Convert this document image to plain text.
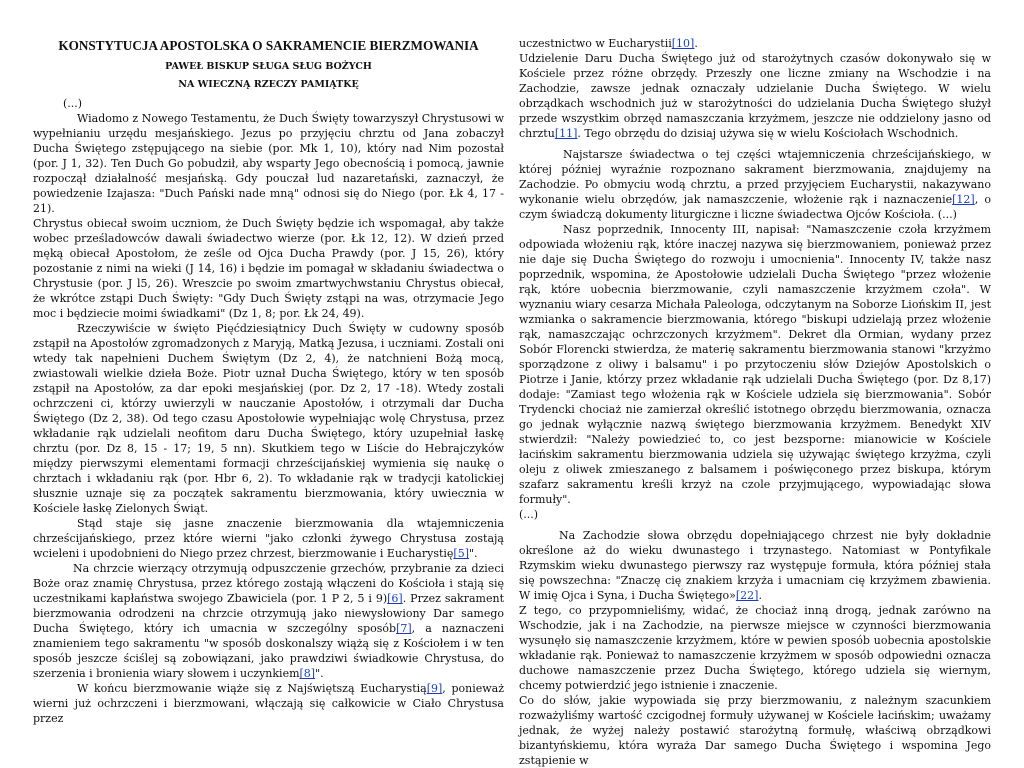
KONSTYTUCJA APOSTOLSKA O SAKRAMENCIE BIERZMOWANIA
PAWEŁ BISKUP SŁUGA SŁUG BOŻYCH
NA WIECZNĄ RZECZY PAMIĄTKĘ

(...)

Wiadomo z Nowego Testamentu, że Duch Święty towarzyszył Chrystusowi w wypełnianiu urzędu mesjańskiego. Jezus po przyjęciu chrztu od Jana zobaczył Ducha Świętego zstępującego na siebie (por. Mk 1, 10), który nad Nim pozostał (por. J 1, 32). Ten Duch Go pobudził, aby wsparty Jego obecnością i pomocą, jawnie rozpoczął działalność mesjańską. Gdy pouczał lud nazaretański, zaznaczył, że powiedzenie Izajasza: "Duch Pański nade mną" odnosi się do Niego (por. Łk 4, 17 - 21).

Chrystus obiecał swoim uczniom, że Duch Święty będzie ich wspomagał, aby także wobec prześladowców dawali świadectwo wierze (por. Łk 12, 12). W dzień przed męką obiecał Apostołom, że ześle od Ojca Ducha Prawdy (por. J 15, 26), który pozostanie z nimi na wieki (J 14, 16) i będzie im pomagał w składaniu świadectwa o Chrystusie (por. J l5, 26). Wreszcie po swoim zmartwychwstaniu Chrystus obiecał, że wkrótce zstąpi Duch Święty: "Gdy Duch Święty zstąpi na was, otrzymacie Jego moc i będziecie moimi świadkami" (Dz 1, 8; por. Łk 24, 49).

Rzeczywiście w święto Pięćdziesiątnicy Duch Święty w cudowny sposób zstąpił na Apostołów zgromadzonych z Maryją, Matką Jezusa, i uczniami. Zostali oni wtedy tak napełnieni Duchem Świętym (Dz 2, 4), że natchnieni Bożą mocą, zwiastowali wielkie dzieła Boże. Piotr uznał Ducha Świętego, który w ten sposób zstąpił na Apostołów, za dar epoki mesjańskiej (por. Dz 2, 17 -18). Wtedy zostali ochrzczeni ci, którzy uwierzyli w nauczanie Apostołów, i otrzymali dar Ducha Świętego (Dz 2, 38). Od tego czasu Apostołowie wypełniając wolę Chrystusa, przez wkładanie rąk udzielali neofitom daru Ducha Świętego, który uzupełniał łaskę chrztu (por. Dz 8, 15 - 17; 19, 5 nn). Skutkiem tego w Liście do Hebrajczyków między pierwszymi elementami formacji chrześcijańskiej wymienia się naukę o chrztach i wkładaniu rąk (por. Hbr 6, 2). To wkładanie rąk w tradycji katolickiej słusznie uznaje się za początek sakramentu bierzmowania, który uwiecznia w Kościele łaskę Zielonych Świąt.

Stąd staje się jasne znaczenie bierzmowania dla wtajemniczenia chrześcijańskiego, przez które wierni "jako członki żywego Chrystusa zostają wcieleni i upodobnieni do Niego przez chrzest, bierzmowanie i Eucharystię[5]".

Na chrzcie wierzący otrzymują odpuszczenie grzechów, przybranie za dzieci Boże oraz znamię Chrystusa, przez którego zostają włączeni do Kościoła i stają się uczestnikami kapłaństwa swojego Zbawiciela (por. 1 P 2, 5 i 9)[6]. Przez sakrament bierzmowania odrodzeni na chrzcie otrzymują jako niewysłowiony Dar samego Ducha Świętego, który ich umacnia w szczególny sposób[7], a naznaczeni znamieniem tego sakramentu "w sposób doskonalszy wiążą się z Kościołem i w ten sposób jeszcze ściślej są zobowiązani, jako prawdziwi świadkowie Chrystusa, do szerzenia i bronienia wiary słowem i uczynkiem[8]".

W końcu bierzmowanie wiąże się z Najświętszą Eucharystią[9], ponieważ wierni już ochrzczeni i bierzmowani, włączają się całkowicie w Ciało Chrystusa przez

uczestnictwo w Eucharystii[10].

Udzielenie Daru Ducha Świętego już od starożytnych czasów dokonywało się w Kościele przez różne obrzędy. Przeszły one liczne zmiany na Wschodzie i na Zachodzie, zawsze jednak oznaczały udzielanie Ducha Świętego. W wielu obrządkach wschodnich już w starożytności do udzielania Ducha Świętego służył przede wszystkim obrzęd namaszczania krzyżmem, jeszcze nie oddzielony jasno od chrztu[11]. Tego obrzędu do dzisiaj używa się w wielu Kościołach Wschodnich.

Najstarsze świadectwa o tej części wtajemniczenia chrześcijańskiego, w której później wyraźnie rozpoznano sakrament bierzmowania, znajdujemy na Zachodzie. Po obmyciu wodą chrztu, a przed przyjęciem Eucharystii, nakazywano wykonanie wielu obrzędów, jak namaszczenie, włożenie rąk i naznaczenie[12], o czym świadczą dokumenty liturgiczne i liczne świadectwa Ojców Kościoła. (...)

Nasz poprzednik, Innocenty III, napisał: "Namaszczenie czoła krzyżmem odpowiada włożeniu rąk, które inaczej nazywa się bierzmowaniem, ponieważ przez nie daje się Ducha Świętego do rozwoju i umocnienia". Innocenty IV, także nasz poprzednik, wspomina, że Apostołowie udzielali Ducha Świętego "przez włożenie rąk, które uobecnia bierzmowanie, czyli namaszczenie krzyżmem czoła". W wyznaniu wiary cesarza Michała Paleologa, odczytanym na Soborze Liońskim II, jest wzmianka o sakramencie bierzmowania, którego "biskupi udzielają przez włożenie rąk, namaszczając ochrzczonych krzyżmem". Dekret dla Ormian, wydany przez Sobór Florencki stwierdza, że materię sakramentu bierzmowania stanowi "krzyżmo sporządzone z oliwy i balsamu" i po przytoczeniu słów Dziejów Apostolskich o Piotrze i Janie, którzy przez wkładanie rąk udzielali Ducha Świętego (por. Dz 8,17) dodaje: "Zamiast tego włożenia rąk w Kościele udziela się bierzmowania". Sobór Trydencki chociaż nie zamierzał określić istotnego obrzędu bierzmowania, oznacza go jednak wyłącznie nazwą świętego bierzmowania krzyżmem. Benedykt XIV stwierdził: "Należy powiedzieć to, co jest bezsporne: mianowicie w Kościele łacińskim sakramentu bierzmowania udziela się używając świętego krzyżma, czyli oleju z oliwek zmieszanego z balsamem i poświęconego przez biskupa, którym szafarz sakramentu kreśli krzyż na czole przyjmującego, wypowiadając słowa formuły".

(...)

Na Zachodzie słowa obrzędu dopełniającego chrzest nie były dokładnie określone aż do wieku dwunastego i trzynastego. Natomiast w Pontyfikale Rzymskim wieku dwunastego pierwszy raz występuje formuła, która później stała się powszechna: "Znaczę cię znakiem krzyża i umacniam cię krzyżmem zbawienia. W imię Ojca i Syna, i Ducha Świętego»[22].

Z tego, co przypomnieliśmy, widać, że chociaż inną drogą, jednak zarówno na Wschodzie, jak i na Zachodzie, na pierwsze miejsce w czynności bierzmowania wysunęło się namaszczenie krzyżmem, które w pewien sposób uobecnia apostolskie wkładanie rąk. Ponieważ to namaszczenie krzyżmem w sposób odpowiedni oznacza duchowe namaszczenie przez Ducha Świętego, którego udziela się wiernym, chcemy potwierdzić jego istnienie i znaczenie.

Co do słów, jakie wypowiada się przy bierzmowaniu, z należnym szacunkiem rozważyliśmy wartość czcigodnej formuły używanej w Kościele łacińskim; uważamy jednak, że wyżej należy postawić starożytną formułę, właściwą obrządkowi bizantyńskiemu, która wyraża Dar samego Ducha Świętego i wspomina Jego zstąpienie w
